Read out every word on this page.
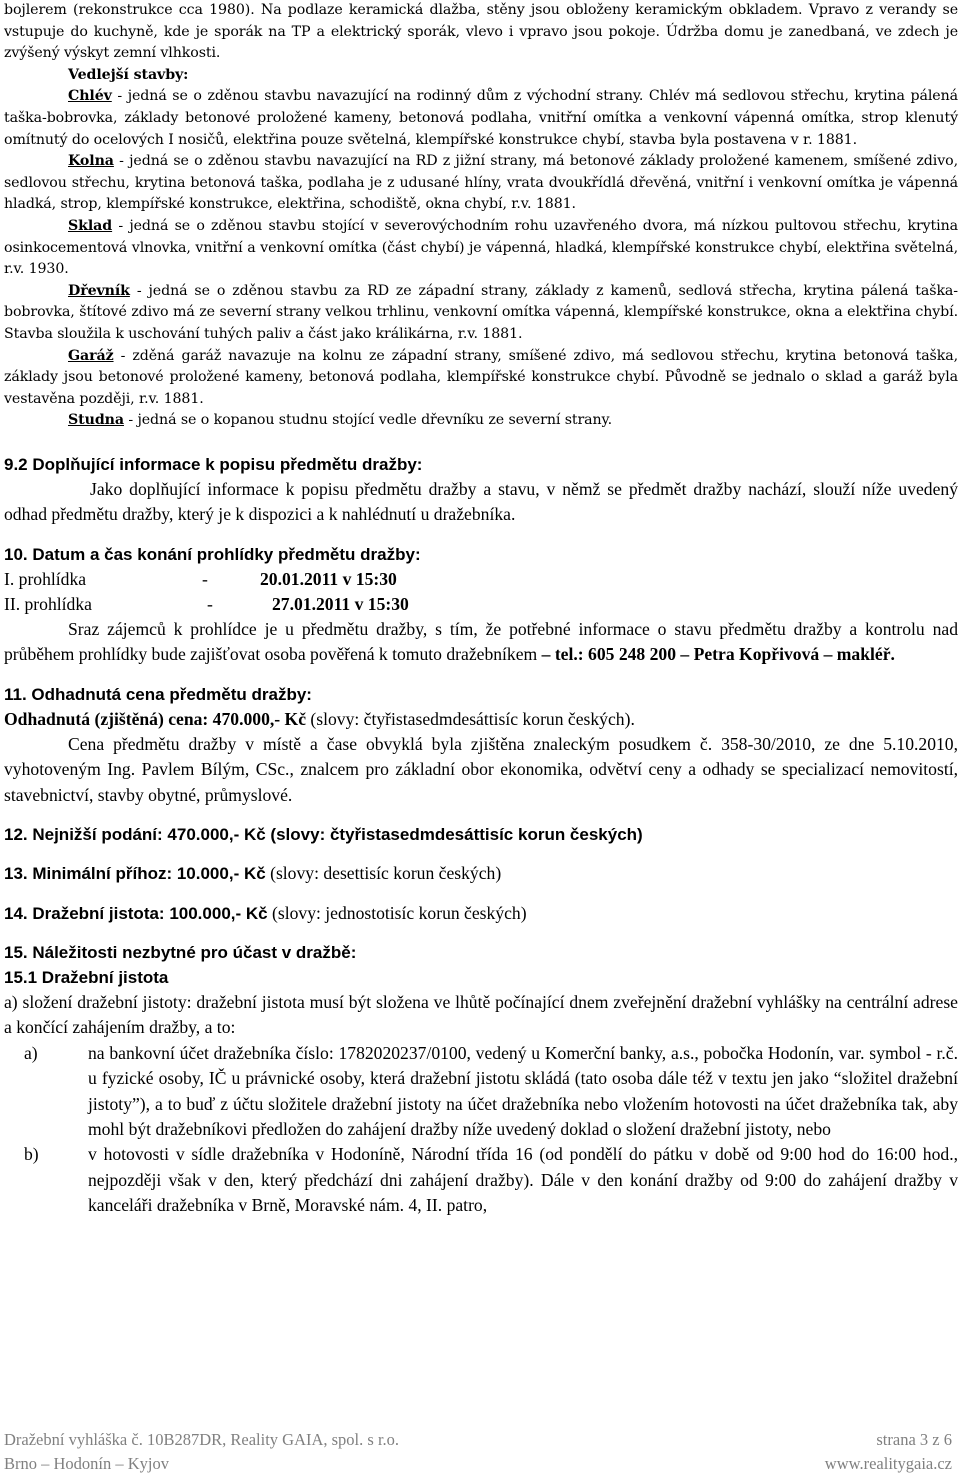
bojlerem (rekonstrukce cca 1980). Na podlaze keramická dlažba, stěny jsou obloženy keramickým obkladem. Vpravo z verandy se vstupuje do kuchyně, kde je sporák na TP a elektrický sporák, vlevo i vpravo jsou pokoje. Údržba domu je zanedbaná, ve zdech je zvýšený výskyt zemní vlhkosti.

Vedlejší stavby:

Chlév - jedná se o zděnou stavbu navazující na rodinný dům z východní strany. Chlév má sedlovou střechu, krytina pálená taška-bobrovka, základy betonové proložené kameny, betonová podlaha, vnitřní omítka a venkovní vápenná omítka, strop klenutý omítnutý do ocelových I nosičů, elektřina pouze světelná, klempířské konstrukce chybí, stavba byla postavena v r. 1881.

Kolna - jedná se o zděnou stavbu navazující na RD z jižní strany, má betonové základy proložené kamenem, smíšené zdivo, sedlovou střechu, krytina betonová taška, podlaha je z udusané hlíny, vrata dvoukřídlá dřevěná, vnitřní i venkovní omítka je vápenná hladká, strop, klempířské konstrukce, elektřina, schodiště, okna chybí, r.v. 1881.

Sklad - jedná se o zděnou stavbu stojící v severovýchodním rohu uzavřeného dvora, má nízkou pultovou střechu, krytina osinkocementová vlnovka, vnitřní a venkovní omítka (část chybí) je vápenná, hladká, klempířské konstrukce chybí, elektřina světelná, r.v. 1930.

Dřevník - jedná se o zděnou stavbu za RD ze západní strany, základy z kamenů, sedlová střecha, krytina pálená taška-bobrovka, štítové zdivo má ze severní strany velkou trhlinu, venkovní omítka vápenná, klempířské konstrukce, okna a elektřina chybí. Stavba sloužila k uschování tuhých paliv a část jako králikárna, r.v. 1881.

Garáž - zděná garáž navazuje na kolnu ze západní strany, smíšené zdivo, má sedlovou střechu, krytina betonová taška, základy jsou betonové proložené kameny, betonová podlaha, klempířské konstrukce chybí. Původně se jednalo o sklad a garáž byla vestavěna později, r.v. 1881.

Studna - jedná se o kopanou studnu stojící vedle dřevníku ze severní strany.

9.2 Doplňující informace k popisu předmětu dražby:

Jako doplňující informace k popisu předmětu dražby a stavu, v němž se předmět dražby nachází, slouží níže uvedený odhad předmětu dražby, který je k dispozici a k nahlédnutí u dražebníka.

10. Datum a čas konání prohlídky předmětu dražby:

I. prohlídka	-	20.01.2011 v 15:30
II. prohlídka	-	27.01.2011 v 15:30

Sraz zájemců k prohlídce je u předmětu dražby, s tím, že potřebné informace o stavu předmětu dražby a kontrolu nad průběhem prohlídky bude zajišťovat osoba pověřená k tomuto dražebníkem – tel.: 605 248 200 – Petra Kopřivová – makléř.

11. Odhadnutá cena předmětu dražby:

Odhadnutá (zjištěná) cena: 470.000,- Kč (slovy: čtyřistasedmdesáttisíc korun českých).

Cena předmětu dražby v místě a čase obvyklá byla zjištěna znaleckým posudkem č. 358-30/2010, ze dne 5.10.2010, vyhotoveným Ing. Pavlem Bílým, CSc., znalcem pro základní obor ekonomika, odvětví ceny a odhady se specializací nemovitostí, stavebnictví, stavby obytné, průmyslové.

12. Nejnižší podání: 470.000,- Kč (slovy: čtyřistasedmdesáttisíc korun českých)

13. Minimální příhoz: 10.000,- Kč (slovy: desettisíc korun českých)

14. Dražební jistota: 100.000,- Kč (slovy: jednostotisíc korun českých)

15. Náležitosti nezbytné pro účast v dražbě:

15.1 Dražební jistota

a) složení dražební jistoty: dražební jistota musí být složena ve lhůtě počínající dnem zveřejnění dražební vyhlášky na centrální adrese a končící zahájením dražby, a to:

a)	na bankovní účet dražebníka číslo: 1782020237/0100, vedený u Komerční banky, a.s., pobočka Hodonín, var. symbol - r.č. u fyzické osoby, IČ u právnické osoby, která dražební jistotu skládá (tato osoba dále též v textu jen jako “složitel dražební jistoty”), a to buď z účtu složitele dražební jistoty na účet dražebníka nebo vložením hotovosti na účet dražebníka tak, aby mohl být dražebníkovi předložen do zahájení dražby níže uvedený doklad o složení dražební jistoty, nebo
b)	v hotovosti v sídle dražebníka v Hodoníně, Národní třída 16 (od pondělí do pátku v době od 9:00 hod do 16:00 hod., nejpozději však v den, který předchází dni zahájení dražby). Dále v den konání dražby od 9:00 do zahájení dražby v kanceláři dražebníka v Brně, Moravské nám. 4, II. patro,
Dražební vyhláška č. 10B287DR, Reality GAIA, spol. s r.o.
Brno – Hodonín – Kyjov
strana 3 z 6
www.realitygaia.cz
